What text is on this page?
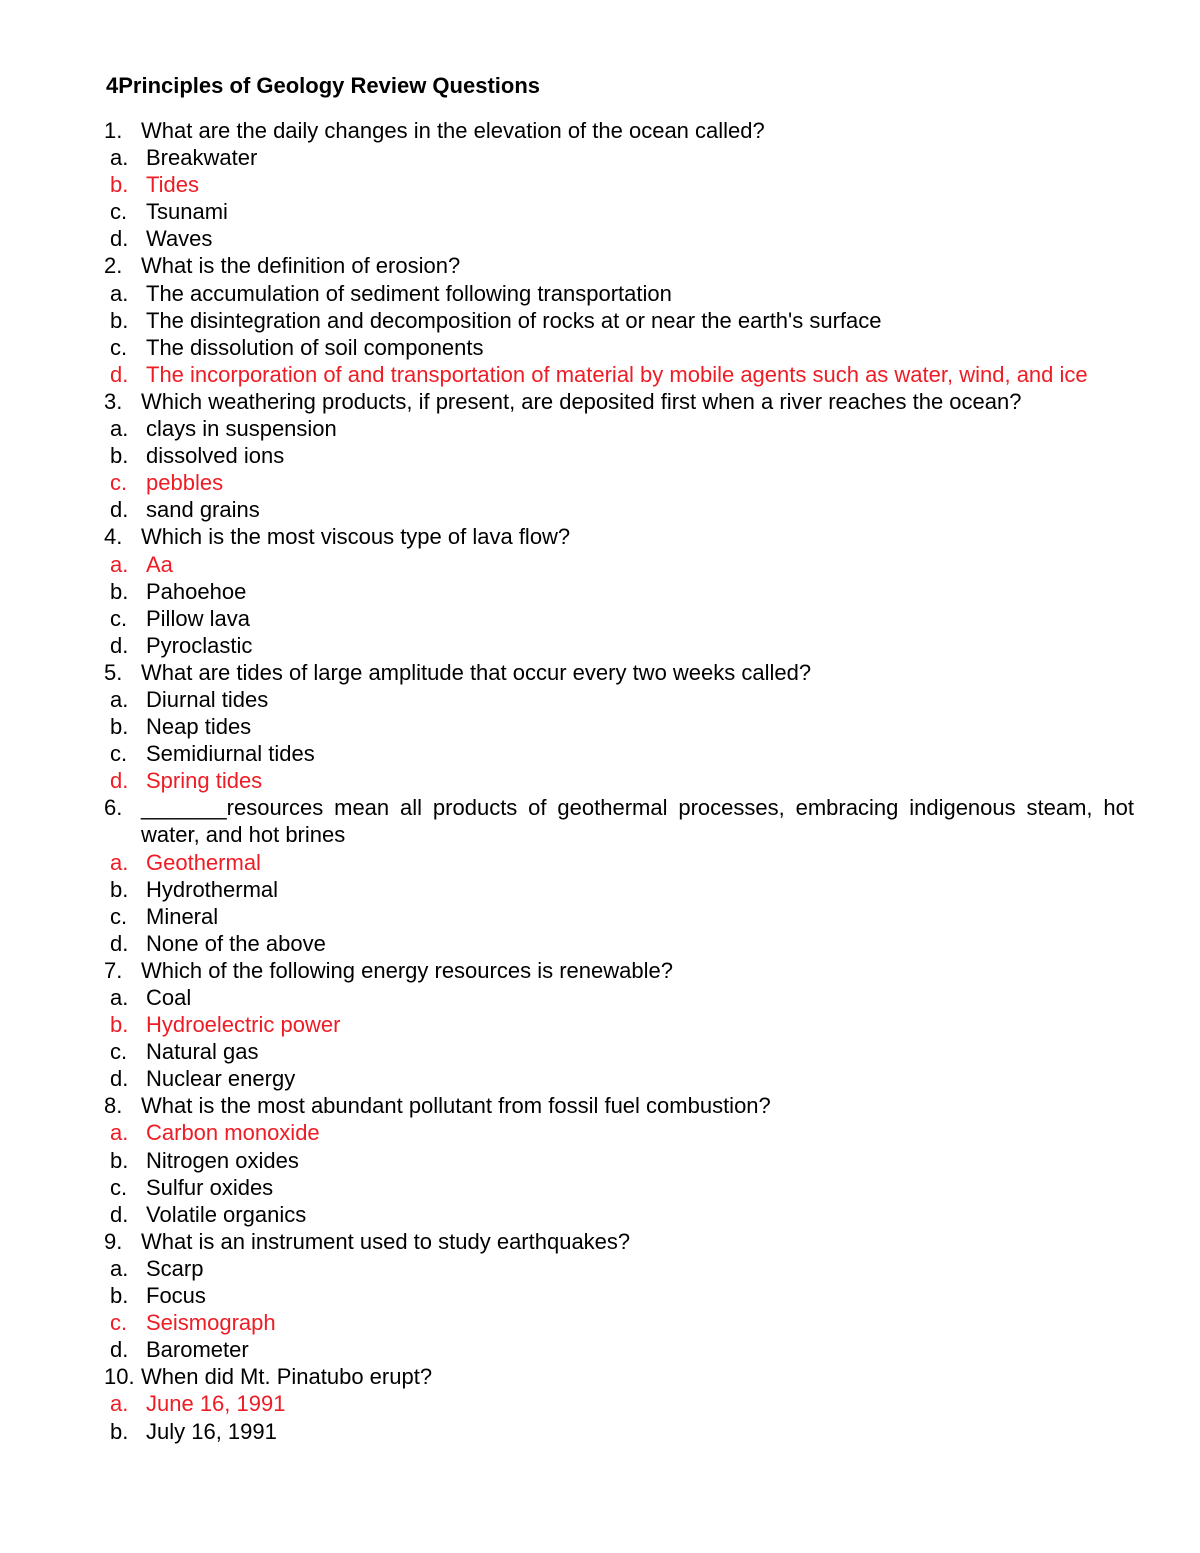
4Principles of Geology Review Questions
1. What are the daily changes in the elevation of the ocean called?
a. Breakwater
b. Tides
c. Tsunami
d. Waves
2. What is the definition of erosion?
a. The accumulation of sediment following transportation
b. The disintegration and decomposition of rocks at or near the earth's surface
c. The dissolution of soil components
d. The incorporation of and transportation of material by mobile agents such as water, wind, and ice
3. Which weathering products, if present, are deposited first when a river reaches the ocean?
a. clays in suspension
b. dissolved ions
c. pebbles
d. sand grains
4. Which is the most viscous type of lava flow?
a. Aa
b. Pahoehoe
c. Pillow lava
d. Pyroclastic
5. What are tides of large amplitude that occur every two weeks called?
a. Diurnal tides
b. Neap tides
c. Semidiurnal tides
d. Spring tides
6. _______resources mean all products of geothermal processes, embracing indigenous steam, hot water, and hot brines
a. Geothermal
b. Hydrothermal
c. Mineral
d. None of the above
7. Which of the following energy resources is renewable?
a. Coal
b. Hydroelectric power
c. Natural gas
d. Nuclear energy
8. What is the most abundant pollutant from fossil fuel combustion?
a. Carbon monoxide
b. Nitrogen oxides
c. Sulfur oxides
d. Volatile organics
9. What is an instrument used to study earthquakes?
a. Scarp
b. Focus
c. Seismograph
d. Barometer
10. When did Mt. Pinatubo erupt?
a. June 16, 1991
b. July 16, 1991
